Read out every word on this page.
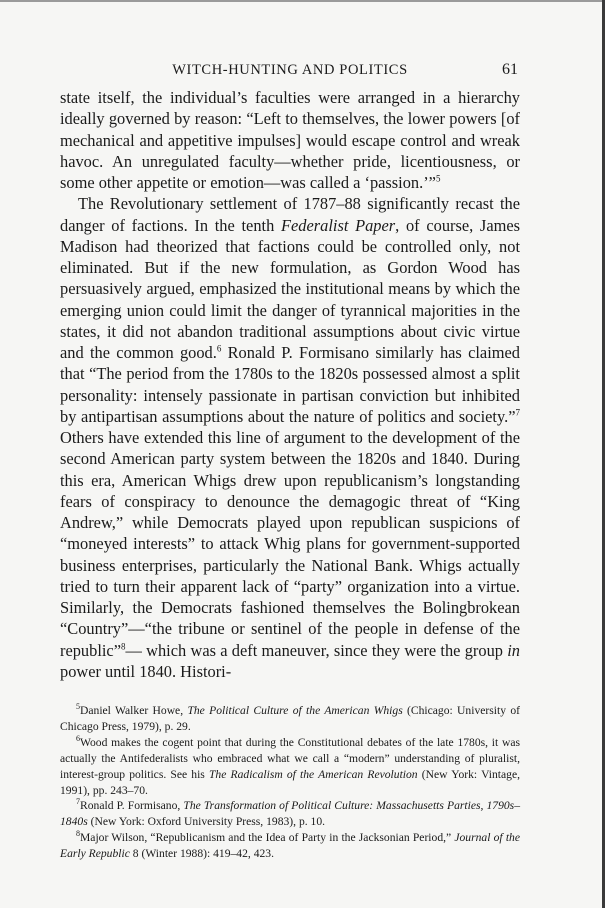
WITCH-HUNTING AND POLITICS	61

state itself, the individual’s faculties were arranged in a hierarchy ideally governed by reason: “Left to themselves, the lower powers [of mechanical and appetitive impulses] would escape control and wreak havoc. An unregulated faculty—whether pride, licentiousness, or some other appetite or emotion—was called a ‘passion.’”$^5$

The Revolutionary settlement of 1787–88 significantly recast the danger of factions. In the tenth Federalist Paper, of course, James Madison had theorized that factions could be controlled only, not eliminated. But if the new formulation, as Gordon Wood has persuasively argued, emphasized the institutional means by which the emerging union could limit the danger of tyrannical majorities in the states, it did not abandon traditional assumptions about civic virtue and the common good.$^6$ Ronald P. Formisano similarly has claimed that “The period from the 1780s to the 1820s possessed almost a split personality: intensely passionate in partisan conviction but inhibited by antipartisan assumptions about the nature of politics and society.”$^7$ Others have extended this line of argument to the development of the second American party system between the 1820s and 1840. During this era, American Whigs drew upon republicanism’s longstanding fears of conspiracy to denounce the demagogic threat of “King Andrew,” while Democrats played upon republican suspicions of “moneyed interests” to attack Whig plans for government-supported business enterprises, particularly the National Bank. Whigs actually tried to turn their apparent lack of “party” organization into a virtue. Similarly, the Democrats fashioned themselves the Bolingbrokean “Country”—“the tribune or sentinel of the people in defense of the republic”$^8$— which was a deft maneuver, since they were the group in power until 1840. Histori-

$^5$Daniel Walker Howe, The Political Culture of the American Whigs (Chicago: University of Chicago Press, 1979), p. 29.

$^6$Wood makes the cogent point that during the Constitutional debates of the late 1780s, it was actually the Antifederalists who embraced what we call a “modern” understanding of pluralist, interest-group politics. See his The Radicalism of the American Revolution (New York: Vintage, 1991), pp. 243–70.

$^7$Ronald P. Formisano, The Transformation of Political Culture: Massachusetts Parties, 1790s–1840s (New York: Oxford University Press, 1983), p. 10.

$^8$Major Wilson, “Republicanism and the Idea of Party in the Jacksonian Period,” Journal of the Early Republic 8 (Winter 1988): 419–42, 423.
